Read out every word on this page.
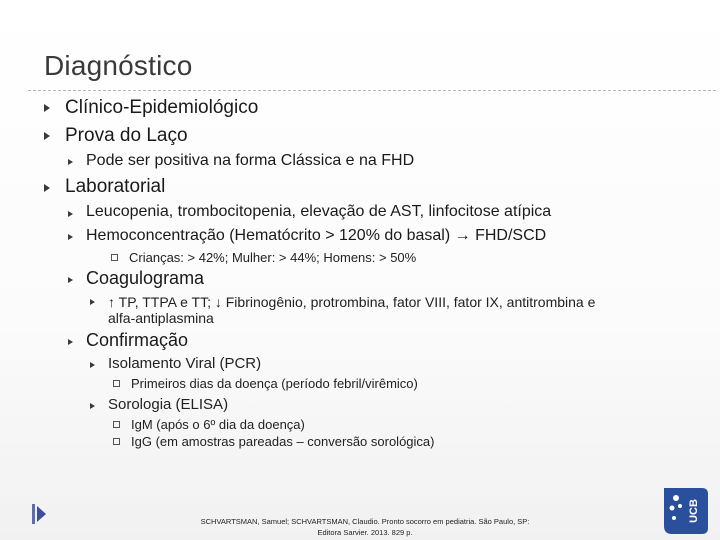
Diagnóstico
Clínico-Epidemiológico
Prova do Laço
Pode ser positiva na forma Clássica e na FHD
Laboratorial
Leucopenia, trombocitopenia, elevação de AST, linfocitose atípica
Hemoconcentração (Hematócrito > 120% do basal) → FHD/SCD
Crianças: > 42%; Mulher: > 44%; Homens: > 50%
Coagulograma
↑ TP, TTPA e TT; ↓ Fibrinogênio, protrombina, fator VIII, fator IX, antitrombina e alfa-antiplasmina
Confirmação
Isolamento Viral (PCR)
Primeiros dias da doença (período febril/virêmico)
Sorologia (ELISA)
IgM (após o 6º dia da doença)
IgG (em amostras pareadas – conversão sorológica)
SCHVARTSMAN, Samuel; SCHVARTSMAN, Claudio. Pronto socorro em pediatria. São Paulo, SP: Editora Sarvier. 2013. 829 p.
UCB
